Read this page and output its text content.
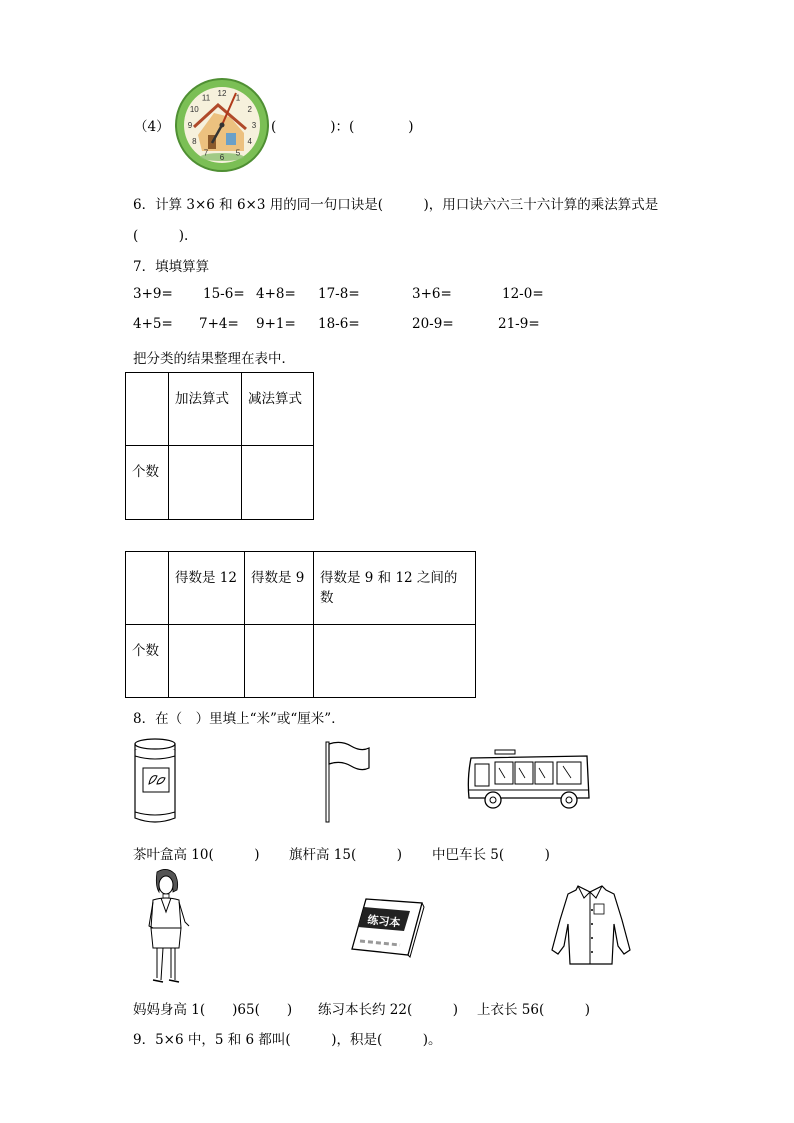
（4）
12 1
2
3
4
5
6
7
8
9
10
11
(　　　　)：(　　　　)
6．计算 3×6 和 6×3 用的同一句口诀是(　　　)，用口诀六六三十六计算的乘法算式是
(　　　).
7．填填算算
3+9= 15-6= 4+8= 17-8=	3+6=	12-0=
4+5= 7+4= 9+1= 18-6=	20-9=	21-9=
把分类的结果整理在表中．
	加法算式	减法算式
个数		
	得数是 12	得数是 9	得数是 9 和 12 之间的数
个数			
8．在（　）里填上“米”或“厘米”．
茶叶盒高 10(　　　) 旗杆高 15(　　　) 中巴车长 5(　　　)
练习本
妈妈身高 1(　　)65(　　) 练习本长约 22(　　　) 上衣长 56(　　　)
9．5×6 中，5 和 6 都叫(　　　)，积是(　　　)。
